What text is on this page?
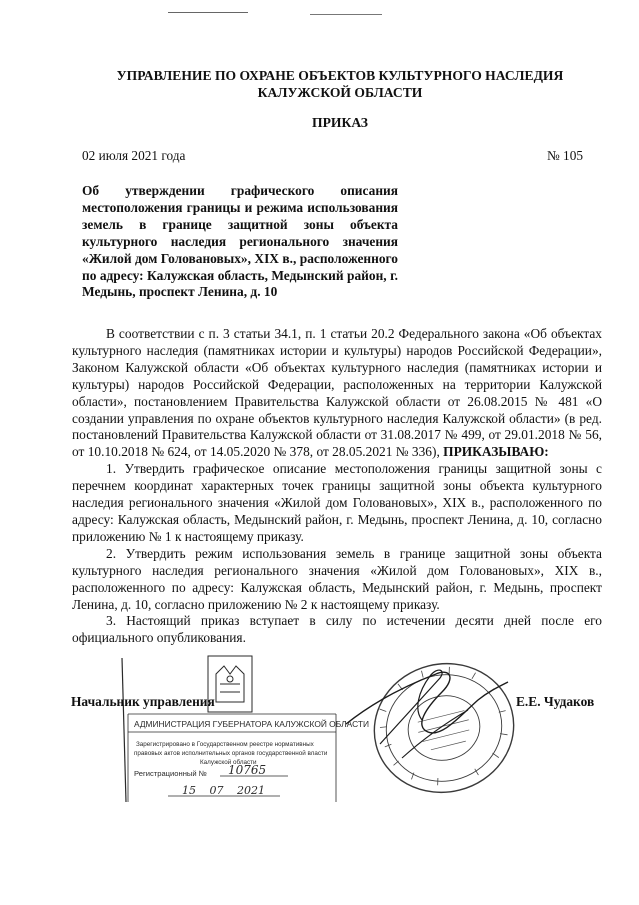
УПРАВЛЕНИЕ ПО ОХРАНЕ ОБЪЕКТОВ КУЛЬТУРНОГО НАСЛЕДИЯ
КАЛУЖСКОЙ ОБЛАСТИ
ПРИКАЗ
02 июля 2021 года	№ 105
Об утверждении графического описания местоположения границы и режима использования земель в границе защитной зоны объекта культурного наследия регионального значения «Жилой дом Головановых», XIX в., расположенного по адресу: Калужская область, Медынский район, г. Медынь, проспект Ленина, д. 10

В соответствии с п. 3 статьи 34.1, п. 1 статьи 20.2 Федерального закона «Об объектах культурного наследия (памятниках истории и культуры) народов Российской Федерации», Законом Калужской области «Об объектах культурного наследия (памятниках истории и культуры) народов Российской Федерации, расположенных на территории Калужской области», постановлением Правительства Калужской области от 26.08.2015 № 481 «О создании управления по охране объектов культурного наследия Калужской области» (в ред. постановлений Правительства Калужской области от 31.08.2017 № 499, от 29.01.2018 № 56, от 10.10.2018 № 624, от 14.05.2020 № 378, от 28.05.2021 № 336), ПРИКАЗЫВАЮ:

1. Утвердить графическое описание местоположения границы защитной зоны с перечнем координат характерных точек границы защитной зоны объекта культурного наследия регионального значения «Жилой дом Головановых», XIX в., расположенного по адресу: Калужская область, Медынский район, г. Медынь, проспект Ленина, д. 10, согласно приложению № 1 к настоящему приказу.

2. Утвердить режим использования земель в границе защитной зоны объекта культурного наследия регионального значения «Жилой дом Головановых», XIX в., расположенного по адресу: Калужская область, Медынский район, г. Медынь, проспект Ленина, д. 10, согласно приложению № 2 к настоящему приказу.

3. Настоящий приказ вступает в силу по истечении десяти дней после его официального опубликования.

АДМИНИСТРАЦИЯ ГУБЕРНАТОРА КАЛУЖСКОЙ ОБЛАСТИ
Зарегистрировано в Государственном реестре нормативных
правовых актов исполнительных органов государственной власти
Калужской области
Регистрационный № 10765
15 07 2021
Начальник управления	Е.Е. Чудаков
